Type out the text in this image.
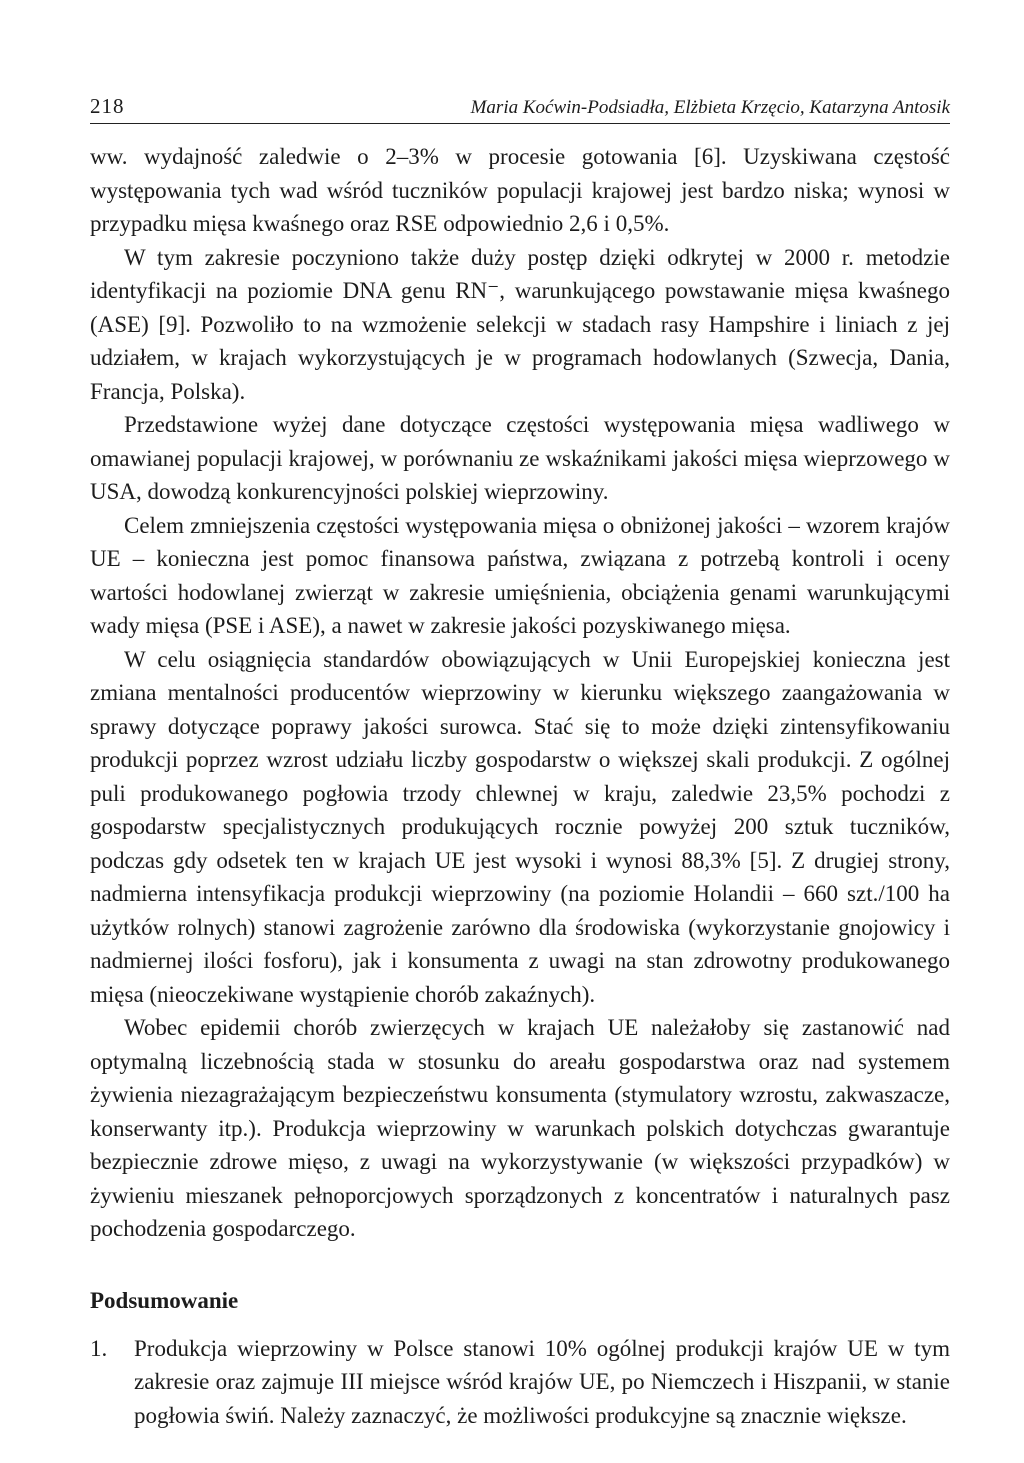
218	Maria Koćwin-Podsiadła, Elżbieta Krzęcio, Katarzyna Antosik

ww. wydajność zaledwie o 2–3% w procesie gotowania [6]. Uzyskiwana częstość występowania tych wad wśród tuczników populacji krajowej jest bardzo niska; wynosi w przypadku mięsa kwaśnego oraz RSE odpowiednio 2,6 i 0,5%.

W tym zakresie poczyniono także duży postęp dzięki odkrytej w 2000 r. metodzie identyfikacji na poziomie DNA genu RN⁻, warunkującego powstawanie mięsa kwaśnego (ASE) [9]. Pozwoliło to na wzmożenie selekcji w stadach rasy Hampshire i liniach z jej udziałem, w krajach wykorzystujących je w programach hodowlanych (Szwecja, Dania, Francja, Polska).

Przedstawione wyżej dane dotyczące częstości występowania mięsa wadliwego w omawianej populacji krajowej, w porównaniu ze wskaźnikami jakości mięsa wieprzowego w USA, dowodzą konkurencyjności polskiej wieprzowiny.

Celem zmniejszenia częstości występowania mięsa o obniżonej jakości – wzorem krajów UE – konieczna jest pomoc finansowa państwa, związana z potrzebą kontroli i oceny wartości hodowlanej zwierząt w zakresie umięśnienia, obciążenia genami warunkującymi wady mięsa (PSE i ASE), a nawet w zakresie jakości pozyskiwanego mięsa.

W celu osiągnięcia standardów obowiązujących w Unii Europejskiej konieczna jest zmiana mentalności producentów wieprzowiny w kierunku większego zaangażowania w sprawy dotyczące poprawy jakości surowca. Stać się to może dzięki zintensyfikowaniu produkcji poprzez wzrost udziału liczby gospodarstw o większej skali produkcji. Z ogólnej puli produkowanego pogłowia trzody chlewnej w kraju, zaledwie 23,5% pochodzi z gospodarstw specjalistycznych produkujących rocznie powyżej 200 sztuk tuczników, podczas gdy odsetek ten w krajach UE jest wysoki i wynosi 88,3% [5]. Z drugiej strony, nadmierna intensyfikacja produkcji wieprzowiny (na poziomie Holandii – 660 szt./100 ha użytków rolnych) stanowi zagrożenie zarówno dla środowiska (wykorzystanie gnojowicy i nadmiernej ilości fosforu), jak i konsumenta z uwagi na stan zdrowotny produkowanego mięsa (nieoczekiwane wystąpienie chorób zakaźnych).

Wobec epidemii chorób zwierzęcych w krajach UE należałoby się zastanowić nad optymalną liczebnością stada w stosunku do areału gospodarstwa oraz nad systemem żywienia niezagrażającym bezpieczeństwu konsumenta (stymulatory wzrostu, zakwaszacze, konserwanty itp.). Produkcja wieprzowiny w warunkach polskich dotychczas gwarantuje bezpiecznie zdrowe mięso, z uwagi na wykorzystywanie (w większości przypadków) w żywieniu mieszanek pełnoporcjowych sporządzonych z koncentratów i naturalnych pasz pochodzenia gospodarczego.

Podsumowanie
1.	Produkcja wieprzowiny w Polsce stanowi 10% ogólnej produkcji krajów UE w tym zakresie oraz zajmuje III miejsce wśród krajów UE, po Niemczech i Hiszpanii, w stanie pogłowia świń. Należy zaznaczyć, że możliwości produkcyjne są znacznie większe.
